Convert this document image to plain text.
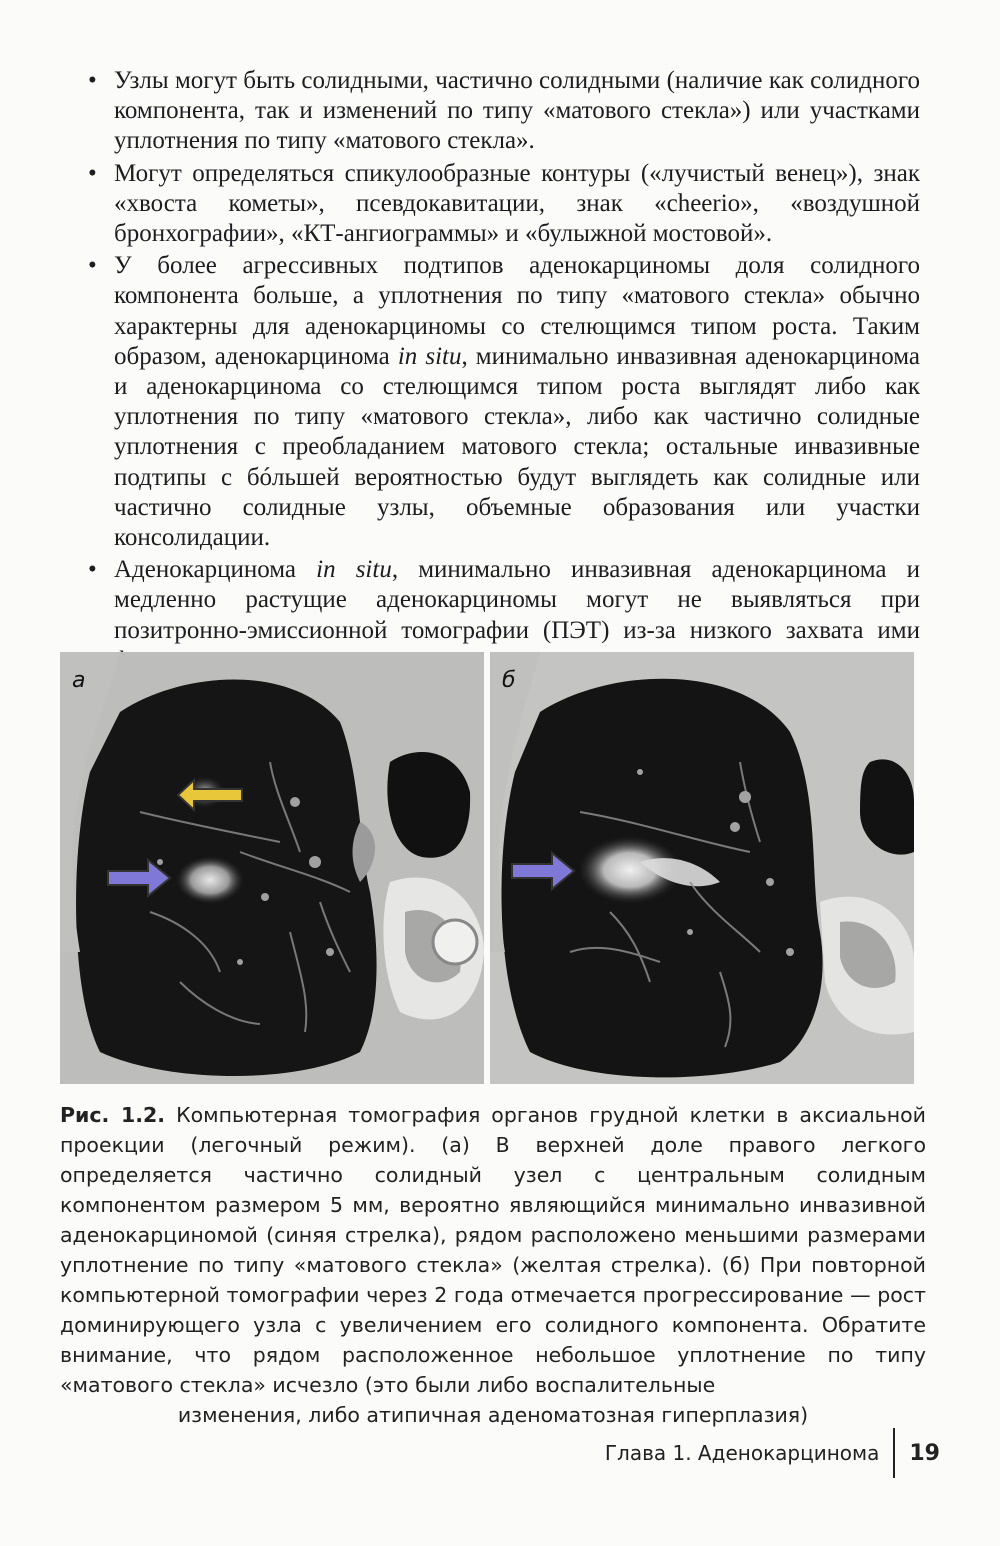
• Узлы могут быть солидными, частично солидными (наличие как солидного компонента, так и изменений по типу «матового стекла») или участками уплотнения по типу «матового стекла».
• Могут определяться спикулообразные контуры («лучистый венец»), знак «хвоста кометы», псевдокавитации, знак «cheerio», «воздушной бронхографии», «КТ-ангиограммы» и «булыжной мостовой».
• У более агрессивных подтипов аденокарциномы доля солидного компонента больше, а уплотнения по типу «матового стекла» обычно характерны для аденокарциномы со стелющимся типом роста. Таким образом, аденокарцинома in situ, минимально инвазивная аденокарцинома и аденокарцинома со стелющимся типом роста выглядят либо как уплотнения по типу «матового стекла», либо как частично солидные уплотнения с преобладанием матового стекла; остальные инвазивные подтипы с бóльшей вероятностью будут выглядеть как солидные или частично солидные узлы, объемные образования или участки консолидации.
• Аденокарцинома in situ, минимально инвазивная аденокарцинома и медленно растущие аденокарциномы могут не выявляться при позитронно-эмиссионной томографии (ПЭТ) из-за низкого захвата ими
а	б
Рис. 1.2. Компьютерная томография органов грудной клетки в аксиальной проекции (легочный режим). (а) В верхней доле правого легкого определяется частично солидный узел с центральным солидным компонентом размером 5 мм, вероятно являющийся минимально инвазивной аденокарциномой (синяя стрелка), рядом расположено меньшими размерами уплотнение по типу «матового стекла» (желтая стрелка). (б) При повторной компьютерной томографии через 2 года отмечается прогрессирование — рост доминирующего узла с увеличением его солидного компонента. Обратите внимание, что рядом расположенное небольшое уплотнение по типу «матового стекла» исчезло (это были либо воспалительные
изменения, либо атипичная аденоматозная гиперплазия)
Глава 1. Аденокарцинома	19
